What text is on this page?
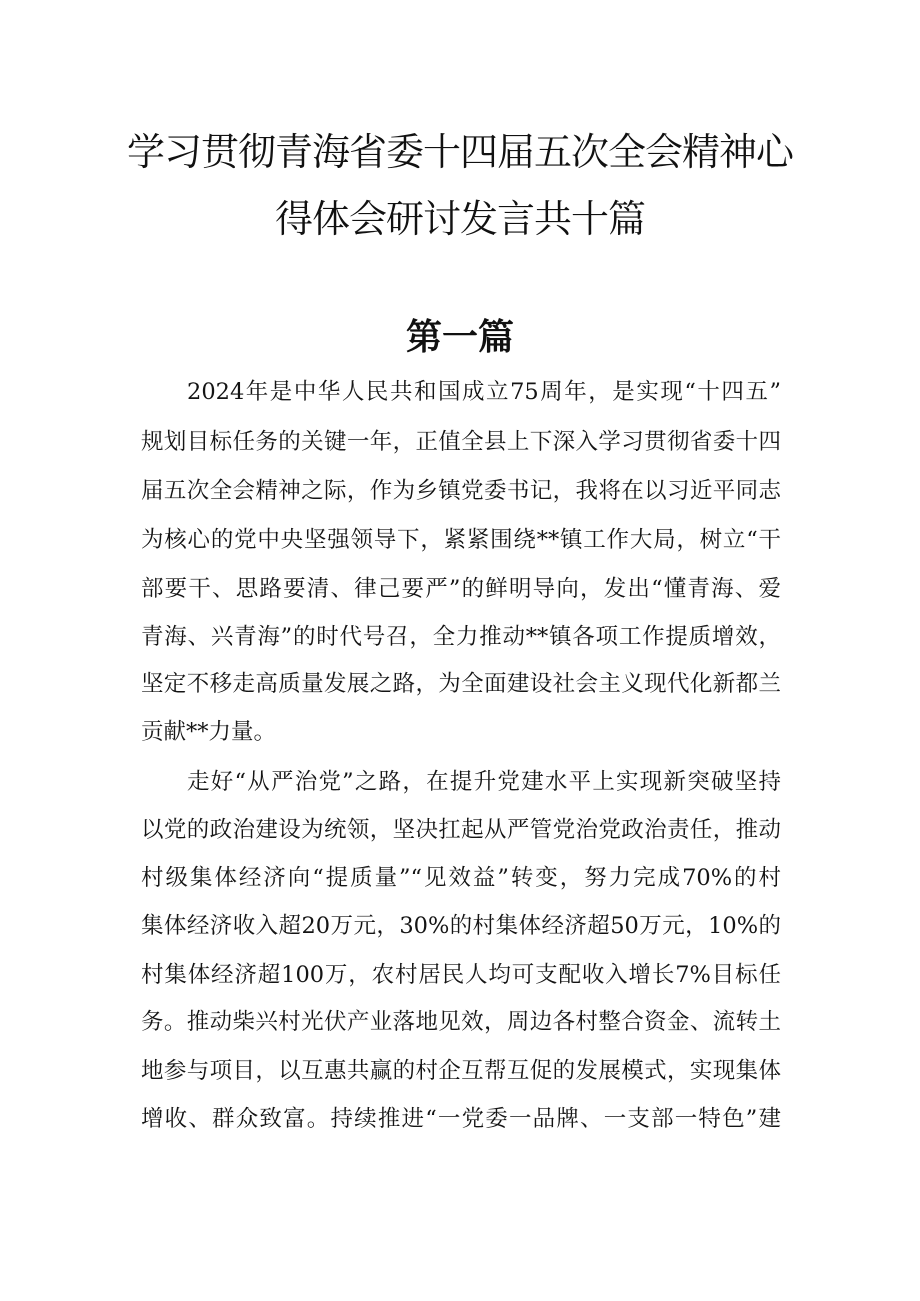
学习贯彻青海省委十四届五次全会精神心
得体会研讨发言共十篇
第一篇
2024年是中华人民共和国成立75周年，是实现“十四五”
规划目标任务的关键一年，正值全县上下深入学习贯彻省委十四
届五次全会精神之际，作为乡镇党委书记，我将在以习近平同志
为核心的党中央坚强领导下，紧紧围绕**镇工作大局，树立“干
部要干、思路要清、律己要严”的鲜明导向，发出“懂青海、爱
青海、兴青海”的时代号召，全力推动**镇各项工作提质增效，
坚定不移走高质量发展之路，为全面建设社会主义现代化新都兰
贡献**力量。
走好“从严治党”之路，在提升党建水平上实现新突破坚持
以党的政治建设为统领，坚决扛起从严管党治党政治责任，推动
村级集体经济向“提质量”“见效益”转变，努力完成70%的村
集体经济收入超20万元，30%的村集体经济超50万元，10%的
村集体经济超100万，农村居民人均可支配收入增长7%目标任
务。推动柴兴村光伏产业落地见效，周边各村整合资金、流转土
地参与项目，以互惠共赢的村企互帮互促的发展模式，实现集体
增收、群众致富。持续推进“一党委一品牌、一支部一特色”建
